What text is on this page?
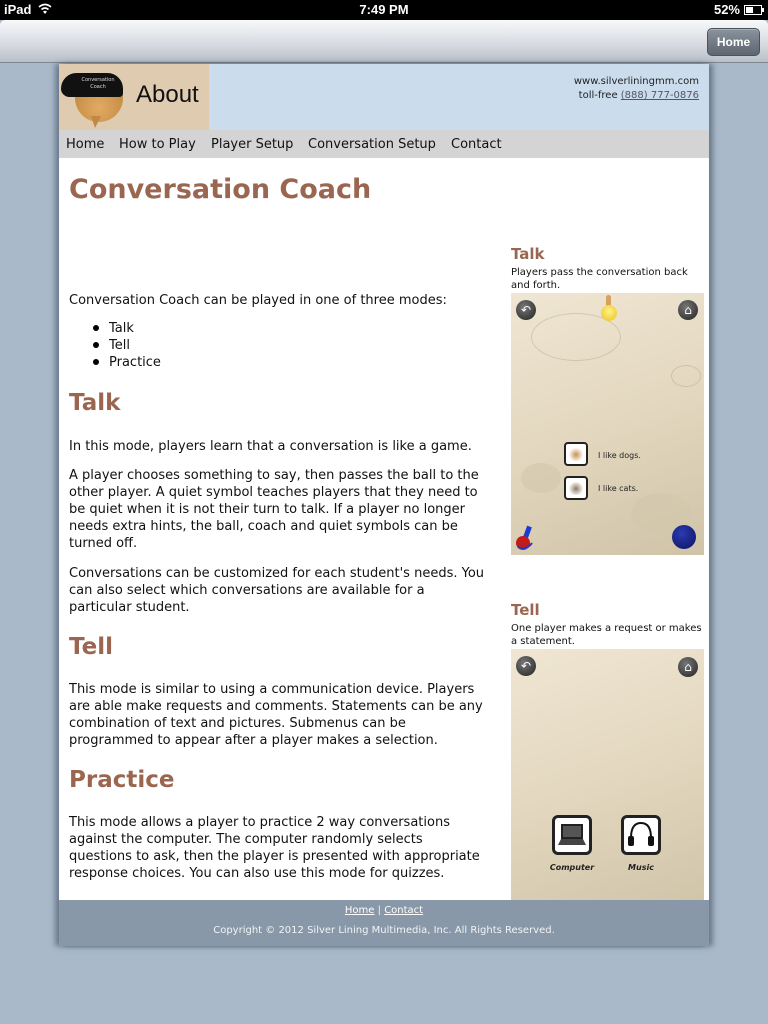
iPad	7:49 PM	52%
Home
Conversation Coach	About	www.silverliningmm.com
toll-free (888) 777-0876
Home How to Play Player Setup Conversation Setup Contact
Conversation Coach
Conversation Coach can be played in one of three modes:
Talk
Tell
Practice
Talk
In this mode, players learn that a conversation is like a game.
A player chooses something to say, then passes the ball to the other player. A quiet symbol teaches players that they need to be quiet when it is not their turn to talk. If a player no longer needs extra hints, the ball, coach and quiet symbols can be turned off.
Conversations can be customized for each student's needs. You can also select which conversations are available for a particular student.
Tell
This mode is similar to using a communication device. Players are able make requests and comments. Statements can be any combination of text and pictures. Submenus can be programmed to appear after a player makes a selection.
Practice
This mode allows a player to practice 2 way conversations against the computer. The computer randomly selects questions to ask, then the player is presented with appropriate response choices. You can also use this mode for quizzes.
Talk
Players pass the conversation back and forth.
↶	⌂
I like dogs.
I like cats.
Tell
One player makes a request or makes a statement.
↶	⌂
Computer	Music
Home | Contact
Copyright © 2012 Silver Lining Multimedia, Inc. All Rights Reserved.
